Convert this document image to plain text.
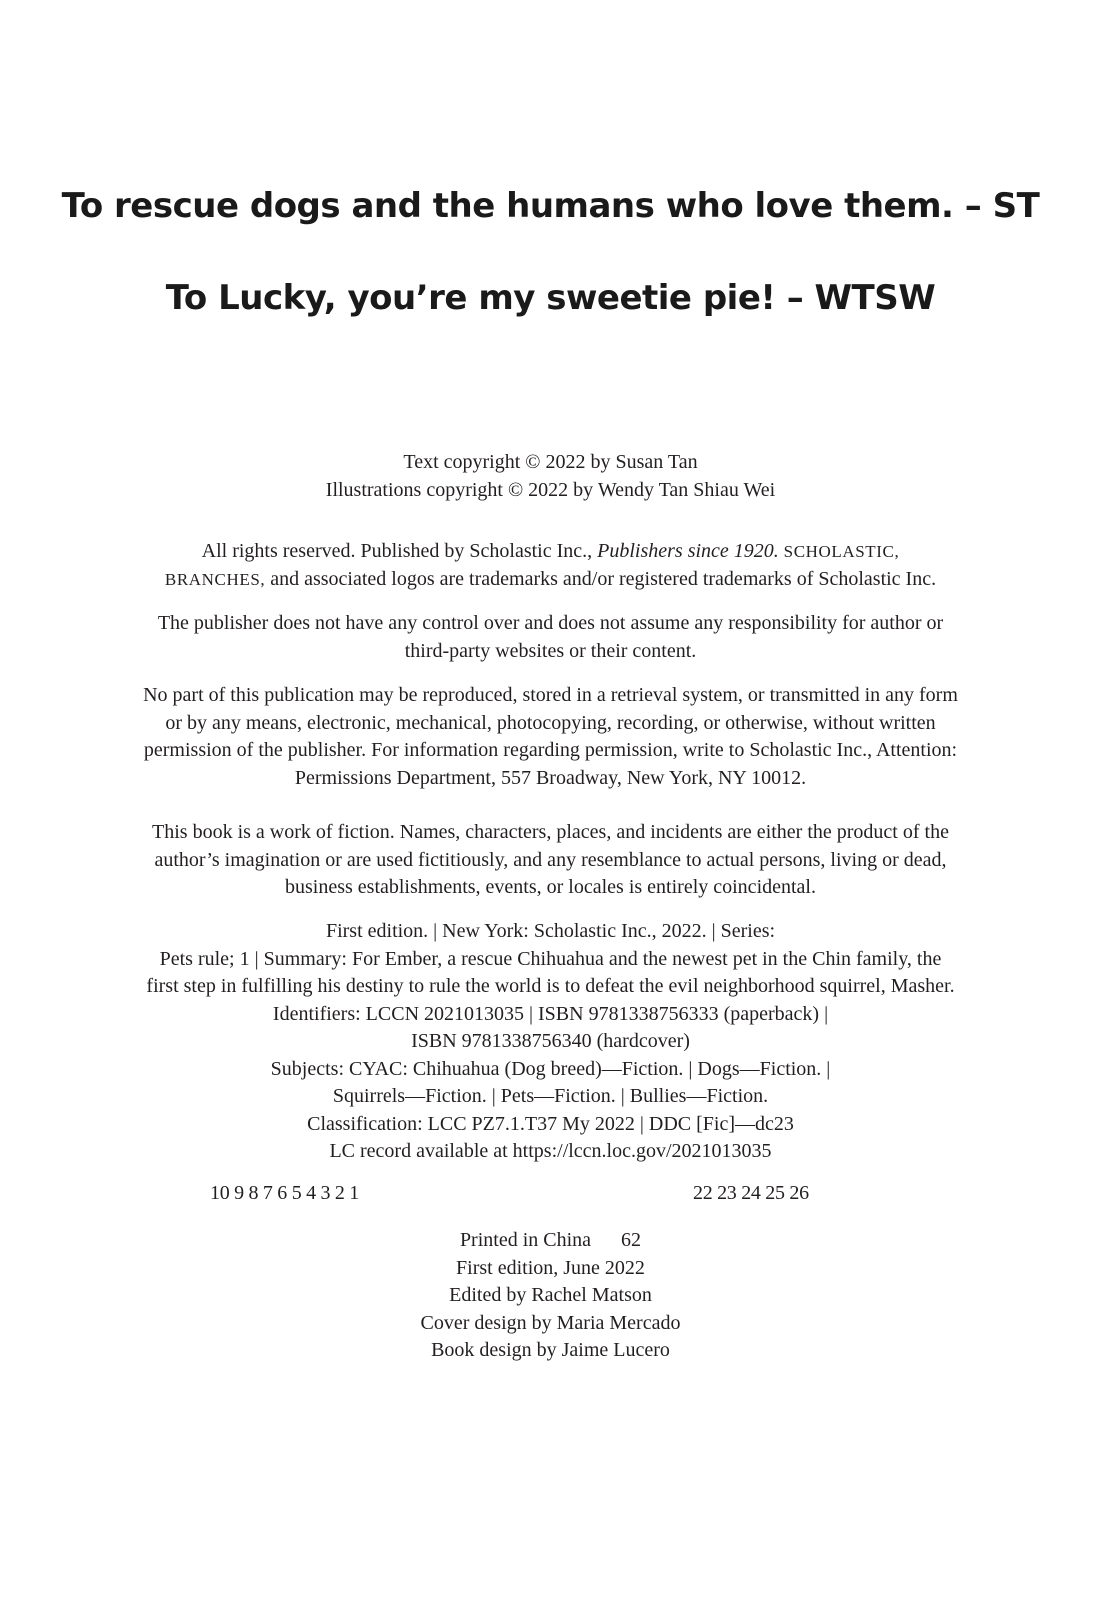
To rescue dogs and the humans who love them. – ST
To Lucky, you’re my sweetie pie! – WTSW

Text copyright © 2022 by Susan Tan

Illustrations copyright © 2022 by Wendy Tan Shiau Wei

All rights reserved. Published by Scholastic Inc., Publishers since 1920. SCHOLASTIC,

BRANCHES, and associated logos are trademarks and/or registered trademarks of Scholastic Inc.

The publisher does not have any control over and does not assume any responsibility for author or

third-party websites or their content.

No part of this publication may be reproduced, stored in a retrieval system, or transmitted in any form

or by any means, electronic, mechanical, photocopying, recording, or otherwise, without written

permission of the publisher. For information regarding permission, write to Scholastic Inc., Attention:

Permissions Department, 557 Broadway, New York, NY 10012.

This book is a work of fiction. Names, characters, places, and incidents are either the product of the

author’s imagination or are used fictitiously, and any resemblance to actual persons, living or dead,

business establishments, events, or locales is entirely coincidental.

First edition. | New York: Scholastic Inc., 2022. | Series:

Pets rule; 1 | Summary: For Ember, a rescue Chihuahua and the newest pet in the Chin family, the

first step in fulfilling his destiny to rule the world is to defeat the evil neighborhood squirrel, Masher.

Identifiers: LCCN 2021013035 | ISBN 9781338756333 (paperback) |

ISBN 9781338756340 (hardcover)

Subjects: CYAC: Chihuahua (Dog breed)—Fiction. | Dogs—Fiction. |

Squirrels—Fiction. | Pets—Fiction. | Bullies—Fiction.

Classification: LCC PZ7.1.T37 My 2022 | DDC [Fic]—dc23

LC record available at https://lccn.loc.gov/2021013035

10 9 8 7 6 5 4 3 2 1	22 23 24 25 26

Printed in China 62

First edition, June 2022

Edited by Rachel Matson

Cover design by Maria Mercado

Book design by Jaime Lucero
